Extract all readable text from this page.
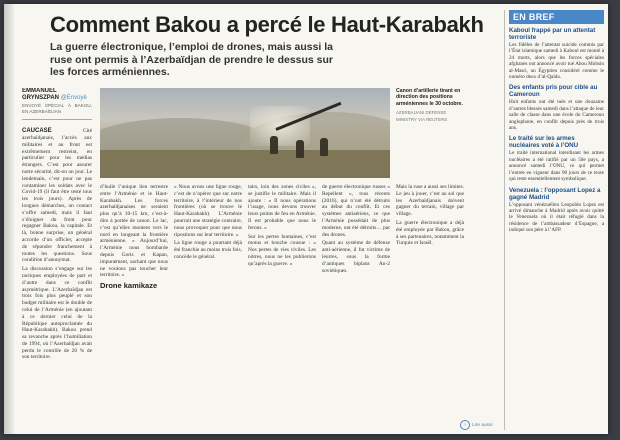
Comment Bakou a percé le Haut-Karabakh
La guerre électronique, l’emploi de drones, mais aussi la ruse ont permis à l’Azerbaïdjan de prendre le dessus sur les forces arméniennes.
EMMANUEL GRYNSZPAN @Envoyé
ENVOYÉ SPÉCIAL À BAKOU, EN AZERBAÏDJAN

CAUCASE	Cité azerbaïdjanais, l’accès aux militaires et au front est extrêmement restreint, en particulier pour les médias étrangers. C’est pour assurer notre sécurité, dit-on un jour. Le lendemain, c’est pour ne pas contaminer les soldats avec le Covid-19 (il faut être testé tous les trois jours). Après de longues démarches, un contact s’offre samedi, mais il faut s’éloigner du front pour regagner Bakou, la capitale. Et là, bonne surprise, un général accorde d’un officier, accepte de répondre franchement à toutes les questions. Sous condition d’anonymat.

La discussion s’engage sur les tactiques employées de part et d’autre dans ce conflit asymétrique. L’Azerbaïdjan est trois fois plus peuplé et son budget militaire est le double de celui de l’Arménie (en ajoutant à ce dernier celui de la République autoproclamée du Haut-Karabakh). Bakou prend sa revanche après l’humiliation de 1994, où l’Azerbaïdjan avait perdu le contrôle de 20 % de son territoire.

Canon d’artillerie tirant en direction des positions arméniennes le 30 octobre.
AZERBAIJANI DEFENSE MINISTRY VIA REUTERS

d’huile l’unique lien terrestre entre l’Arménie et le Haut-Karabakh. Les forces azerbaïdjanaises ne seraient plus qu’à 10-15 km, c’est-à-dire à portée de canon. Le lac, c’est qu’elles montent vers le nord en longeant la frontière arménienne. « Aujourd’hui, l’Arménie nous bombarde depuis Goris et Kapan, impunément, sachant que nous ne voulons pas toucher leur territoire. »

Drone kamikaze

« Nous avons une ligne rouge, c’est de n’opérer que sur notre territoire, à l’intérieur de nos frontières (où se trouve le Haut-Karabakh). L’Arménie pourrait une stratégie contraire, nous provoquer pour que nous ripostions sur leur territoire. »

La ligne rouge a pourtant déjà été franchie au moins trois fois, concède le général.

tairs, loin des zones civiles », se justifie le militaire. Mais il ajoute : « Il nous opérations l’usage, nous devons trouver leurs points de feu en Arménie. Il est probable que nous le ferons. »

Sur les pertes humaines, c’est motus et bouche cousue : « Nos pertes de vies civiles. Les nôtres, nous ne les publierons qu’après la guerre. »

de guerre électronique russes « Repellent », tous récents (2016), qui n’ont été détruits au début du conflit. Et ces systèmes antiaériens, ce que l’Arménie possédait de plus moderne, ont été détruits… par des drones.

Quant au système de défense anti-aérienne, il fut victime de leurres, sous la forme d’antiques biplans An-2 soviétiques.

Mais la ruse a aussi ses limites. Le jeu à jouer, c’est au sol que les Azerbaïdjanais doivent gagner du terrain, village par village.

La guerre électronique a déjà été employée par Bakou, grâce à ses partenaires, notamment la Turquie et Israël.

› Lire aussi
EN BREF
Kaboul frappé par un attentat terroriste
Les fidèles de l’attentat suicide commis par l’État islamique samedi à Kaboul est monté à 24 morts, alors que les forces spéciales afghanes ont annoncé avoir tué Abou Mohsin al-Masri, un Égyptien considéré comme le numéro deux d’al-Qaïda.
Des enfants pris pour cible au Cameroun
Huit enfants ont été tués et une douzaine d’autres blessés samedi dans l’attaque de leur salle de classe dans une école du Cameroun anglophone, en conflit depuis près de trois ans.
Le traité sur les armes nucléaires voté à l’ONU
Le traité international interdisant les armes nucléaires a été ratifié par un 50e pays, a annoncé samedi l’ONU, ce qui permet l’entrée en vigueur dans 90 jours de ce texte qui reste essentiellement symbolique.
Venezuela : l’opposant Lopez a gagné Madrid
L’opposant vénézuélien Leopoldo Lopez est arrivé dimanche à Madrid après avoir quitté le Venezuela où il était réfugié dans la résidence de l’ambassadeur d’Espagne, a indiqué son père à l’AFP.
